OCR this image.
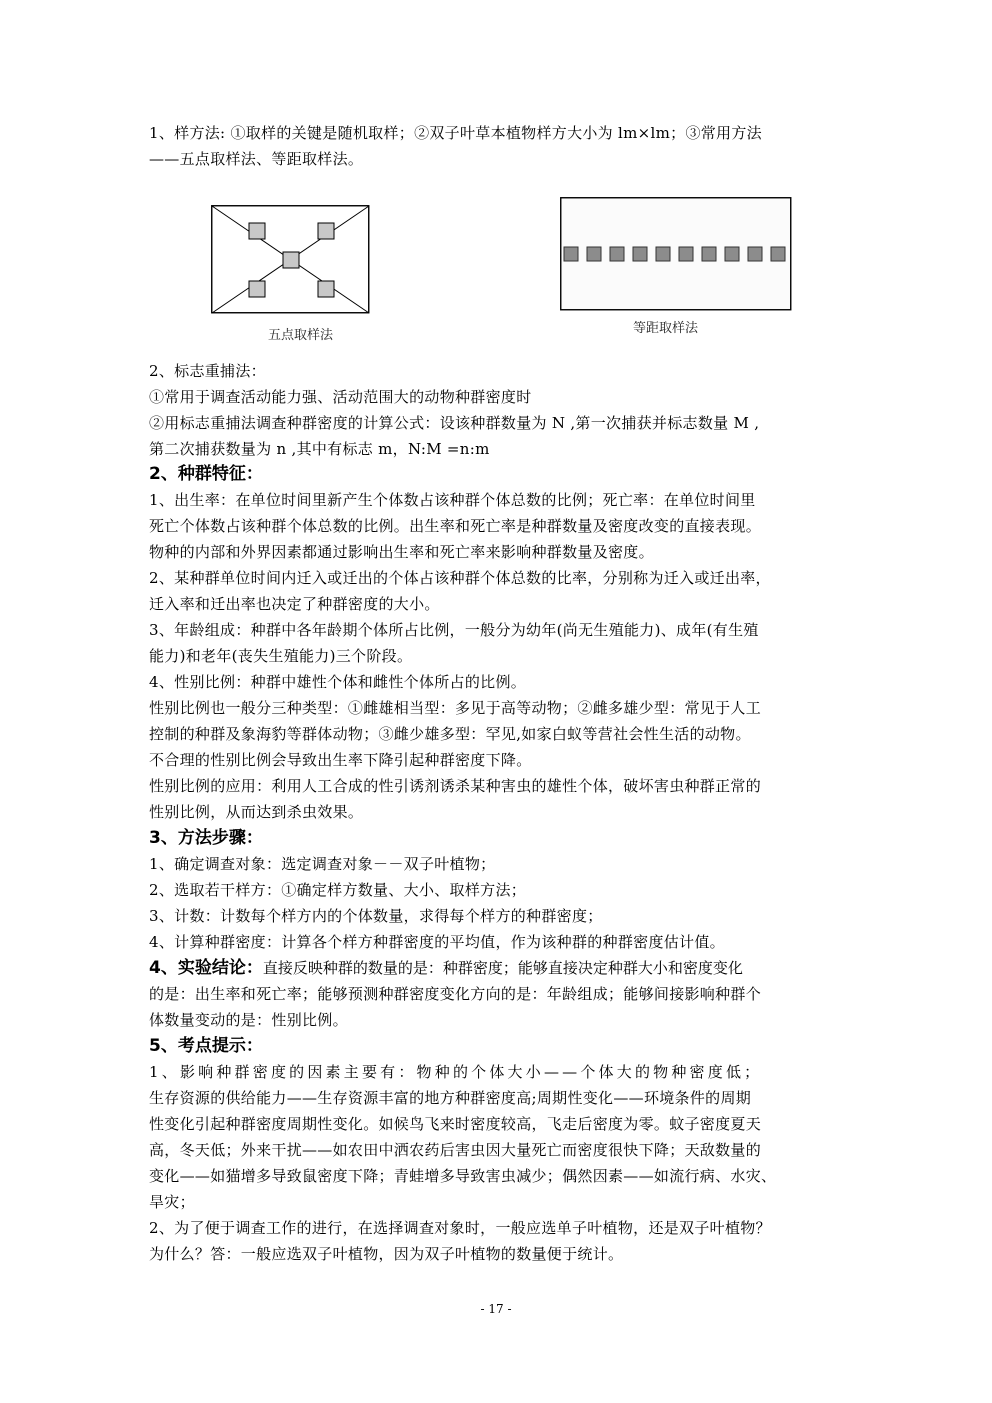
1、样方法: ①取样的关键是随机取样；②双子叶草本植物样方大小为 lm×lm；③常用方法
——五点取样法、等距取样法。
五点取样法	等距取样法
2、标志重捕法：
①常用于调查活动能力强、活动范围大的动物种群密度时
②用标志重捕法调查种群密度的计算公式：设该种群数量为 N ,第一次捕获并标志数量 M ,
第二次捕获数量为 n ,其中有标志 m，N:M =n:m
2、种群特征：
1、出生率：在单位时间里新产生个体数占该种群个体总数的比例；死亡率：在单位时间里
死亡个体数占该种群个体总数的比例。出生率和死亡率是种群数量及密度改变的直接表现。
物种的内部和外界因素都通过影响出生率和死亡率来影响种群数量及密度。
2、某种群单位时间内迁入或迁出的个体占该种群个体总数的比率，分别称为迁入或迁出率，
迁入率和迁出率也决定了种群密度的大小。
3、年龄组成：种群中各年龄期个体所占比例，一般分为幼年(尚无生殖能力)、成年(有生殖
能力)和老年(丧失生殖能力)三个阶段。
4、性别比例：种群中雄性个体和雌性个体所占的比例。
性别比例也一般分三种类型：①雌雄相当型：多见于高等动物；②雌多雄少型：常见于人工
控制的种群及象海豹等群体动物；③雌少雄多型：罕见,如家白蚁等营社会性生活的动物。
不合理的性别比例会导致出生率下降引起种群密度下降。
性别比例的应用：利用人工合成的性引诱剂诱杀某种害虫的雄性个体，破坏害虫种群正常的
性别比例，从而达到杀虫效果。
3、方法步骤：
1、确定调查对象：选定调查对象－－双子叶植物；
2、选取若干样方：①确定样方数量、大小、取样方法；
3、计数：计数每个样方内的个体数量，求得每个样方的种群密度；
4、计算种群密度：计算各个样方种群密度的平均值，作为该种群的种群密度估计值。
4、实验结论：直接反映种群的数量的是：种群密度；能够直接决定种群大小和密度变化
的是：出生率和死亡率；能够预测种群密度变化方向的是：年龄组成；能够间接影响种群个
体数量变动的是：性别比例。
5、考点提示：
1、影响种群密度的因素主要有：物种的个体大小——个体大的物种密度低；
生存资源的供给能力——生存资源丰富的地方种群密度高;周期性变化——环境条件的周期
性变化引起种群密度周期性变化。如候鸟飞来时密度较高，飞走后密度为零。蚊子密度夏天
高，冬天低；外来干扰——如农田中洒农药后害虫因大量死亡而密度很快下降；天敌数量的
变化——如猫增多导致鼠密度下降；青蛙增多导致害虫减少；偶然因素——如流行病、水灾、
旱灾；
2、为了便于调查工作的进行，在选择调查对象时，一般应选单子叶植物，还是双子叶植物？
为什么？答：一般应选双子叶植物，因为双子叶植物的数量便于统计。
- 17 -
